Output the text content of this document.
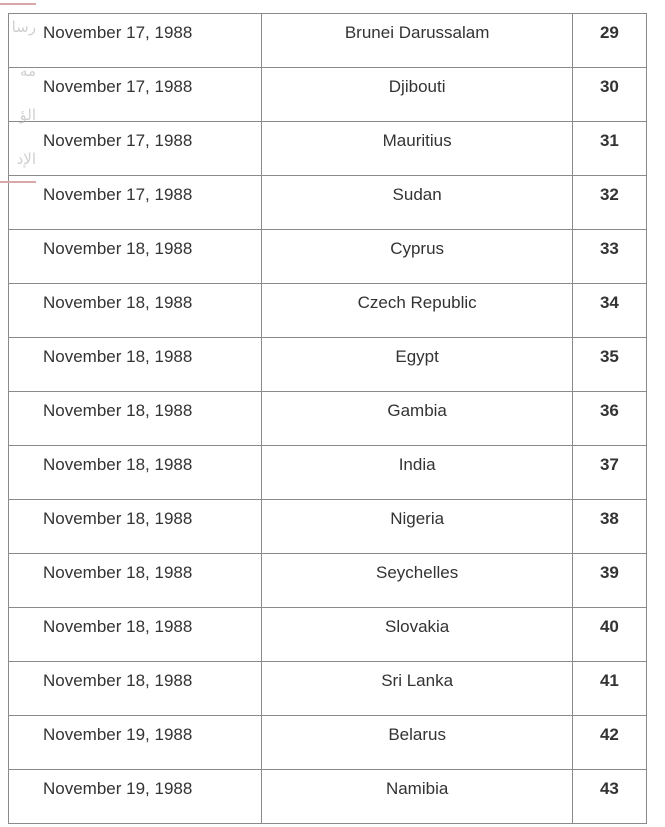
November 17, 1988	Brunei Darussalam	29
November 17, 1988	Djibouti	30
November 17, 1988	Mauritius	31
November 17, 1988	Sudan	32
November 18, 1988	Cyprus	33
November 18, 1988	Czech Republic	34
November 18, 1988	Egypt	35
November 18, 1988	Gambia	36
November 18, 1988	India	37
November 18, 1988	Nigeria	38
November 18, 1988	Seychelles	39
November 18, 1988	Slovakia	40
November 18, 1988	Sri Lanka	41
November 19, 1988	Belarus	42
November 19, 1988	Namibia	43
رسا
مه
الؤ
الإد
